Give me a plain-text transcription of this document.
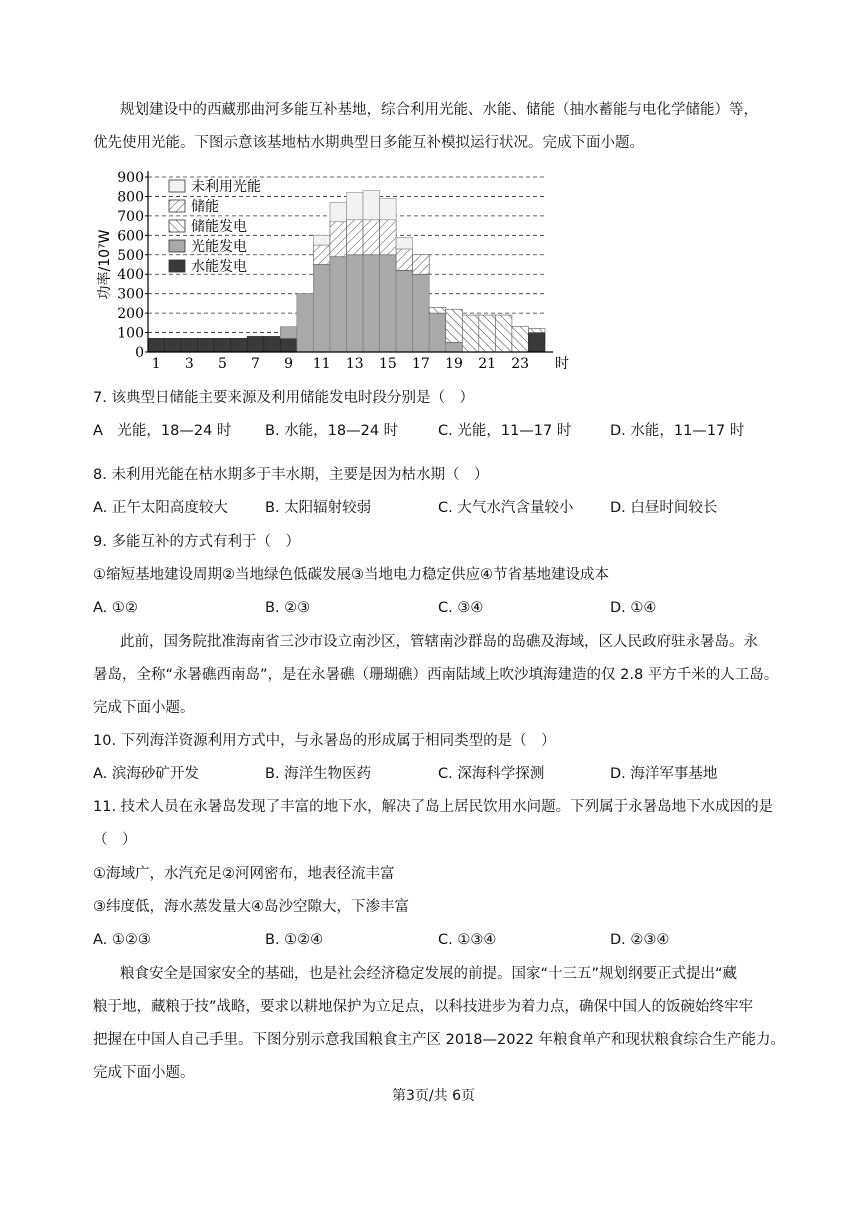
规划建设中的西藏那曲河多能互补基地，综合利用光能、水能、储能（抽水蓄能与电化学储能）等，
优先使用光能。下图示意该基地枯水期典型日多能互补模拟运行状况。完成下面小题。
900
800
700
600
500
400
300
200
100
0
1 3 5 7 9 11 13 15 17 19 21 23 时
功率/10⁷W
未利用光能
储能
储能发电
光能发电
水能发电
7. 该典型日储能主要来源及利用储能发电时段分别是（　）
A　光能，18—24 时 B. 水能，18—24 时	C. 光能，11—17 时	D. 水能，11—17 时
8. 未利用光能在枯水期多于丰水期，主要是因为枯水期（　）
A. 正午太阳高度较大	B. 太阳辐射较弱	C. 大气水汽含量较小	D. 白昼时间较长
9. 多能互补的方式有利于（　）
①缩短基地建设周期②当地绿色低碳发展③当地电力稳定供应④节省基地建设成本
A. ①②	B. ②③	C. ③④	D. ①④
此前，国务院批准海南省三沙市设立南沙区，管辖南沙群岛的岛礁及海域，区人民政府驻永暑岛。永
暑岛，全称“永暑礁西南岛”，是在永暑礁（珊瑚礁）西南陆域上吹沙填海建造的仅 2.8 平方千米的人工岛。
完成下面小题。
10. 下列海洋资源利用方式中，与永暑岛的形成属于相同类型的是（　）
A. 滨海砂矿开发	B. 海洋生物医药	C. 深海科学探测	D. 海洋军事基地
11. 技术人员在永暑岛发现了丰富的地下水，解决了岛上居民饮用水问题。下列属于永暑岛地下水成因的是
（　）
①海域广，水汽充足②河网密布，地表径流丰富
③纬度低，海水蒸发量大④岛沙空隙大，下渗丰富
A. ①②③	B. ①②④	C. ①③④	D. ②③④
粮食安全是国家安全的基础，也是社会经济稳定发展的前提。国家“十三五”规划纲要正式提出“藏
粮于地，藏粮于技”战略，要求以耕地保护为立足点，以科技进步为着力点，确保中国人的饭碗始终牢牢
把握在中国人自己手里。下图分别示意我国粮食主产区 2018—2022 年粮食单产和现状粮食综合生产能力。
完成下面小题。
第3页/共 6页
